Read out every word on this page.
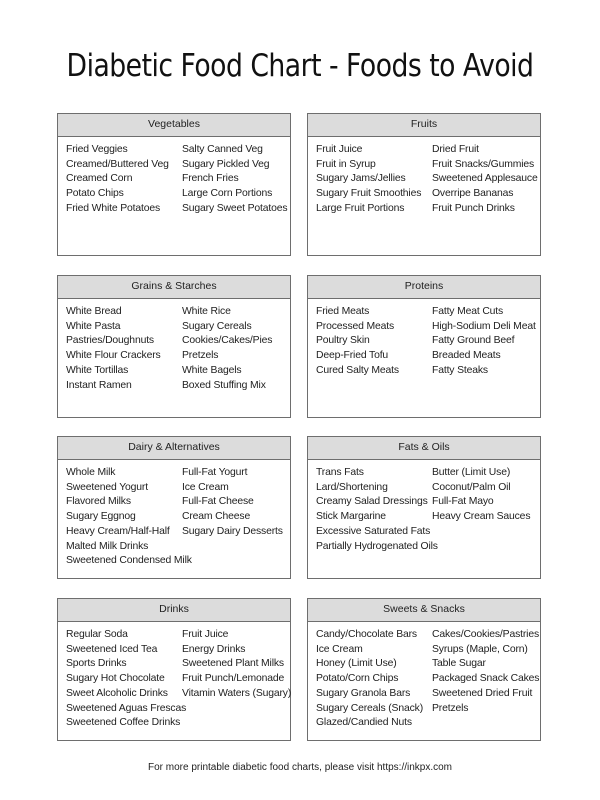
Diabetic Food Chart - Foods to Avoid
Vegetables
Fried Veggies
Creamed/Buttered Veg
Creamed Corn
Potato Chips
Fried White Potatoes
Salty Canned Veg
Sugary Pickled Veg
French Fries
Large Corn Portions
Sugary Sweet Potatoes
Fruits
Fruit Juice
Fruit in Syrup
Sugary Jams/Jellies
Sugary Fruit Smoothies
Large Fruit Portions
Dried Fruit
Fruit Snacks/Gummies
Sweetened Applesauce
Overripe Bananas
Fruit Punch Drinks
Grains & Starches
White Bread
White Pasta
Pastries/Doughnuts
White Flour Crackers
White Tortillas
Instant Ramen
White Rice
Sugary Cereals
Cookies/Cakes/Pies
Pretzels
White Bagels
Boxed Stuffing Mix
Proteins
Fried Meats
Processed Meats
Poultry Skin
Deep-Fried Tofu
Cured Salty Meats
Fatty Meat Cuts
High-Sodium Deli Meat
Fatty Ground Beef
Breaded Meats
Fatty Steaks
Dairy & Alternatives
Whole Milk
Sweetened Yogurt
Flavored Milks
Sugary Eggnog
Heavy Cream/Half-Half
Malted Milk Drinks
Sweetened Condensed Milk
Full-Fat Yogurt
Ice Cream
Full-Fat Cheese
Cream Cheese
Sugary Dairy Desserts
Fats & Oils
Trans Fats
Lard/Shortening
Creamy Salad Dressings
Stick Margarine
Excessive Saturated Fats
Partially Hydrogenated Oils
Butter (Limit Use)
Coconut/Palm Oil
Full-Fat Mayo
Heavy Cream Sauces
Drinks
Regular Soda
Sweetened Iced Tea
Sports Drinks
Sugary Hot Chocolate
Sweet Alcoholic Drinks
Sweetened Aguas Frescas
Sweetened Coffee Drinks
Fruit Juice
Energy Drinks
Sweetened Plant Milks
Fruit Punch/Lemonade
Vitamin Waters (Sugary)
Sweets & Snacks
Candy/Chocolate Bars
Ice Cream
Honey (Limit Use)
Potato/Corn Chips
Sugary Granola Bars
Sugary Cereals (Snack)
Glazed/Candied Nuts
Cakes/Cookies/Pastries
Syrups (Maple, Corn)
Table Sugar
Packaged Snack Cakes
Sweetened Dried Fruit
Pretzels
For more printable diabetic food charts, please visit https://inkpx.com
